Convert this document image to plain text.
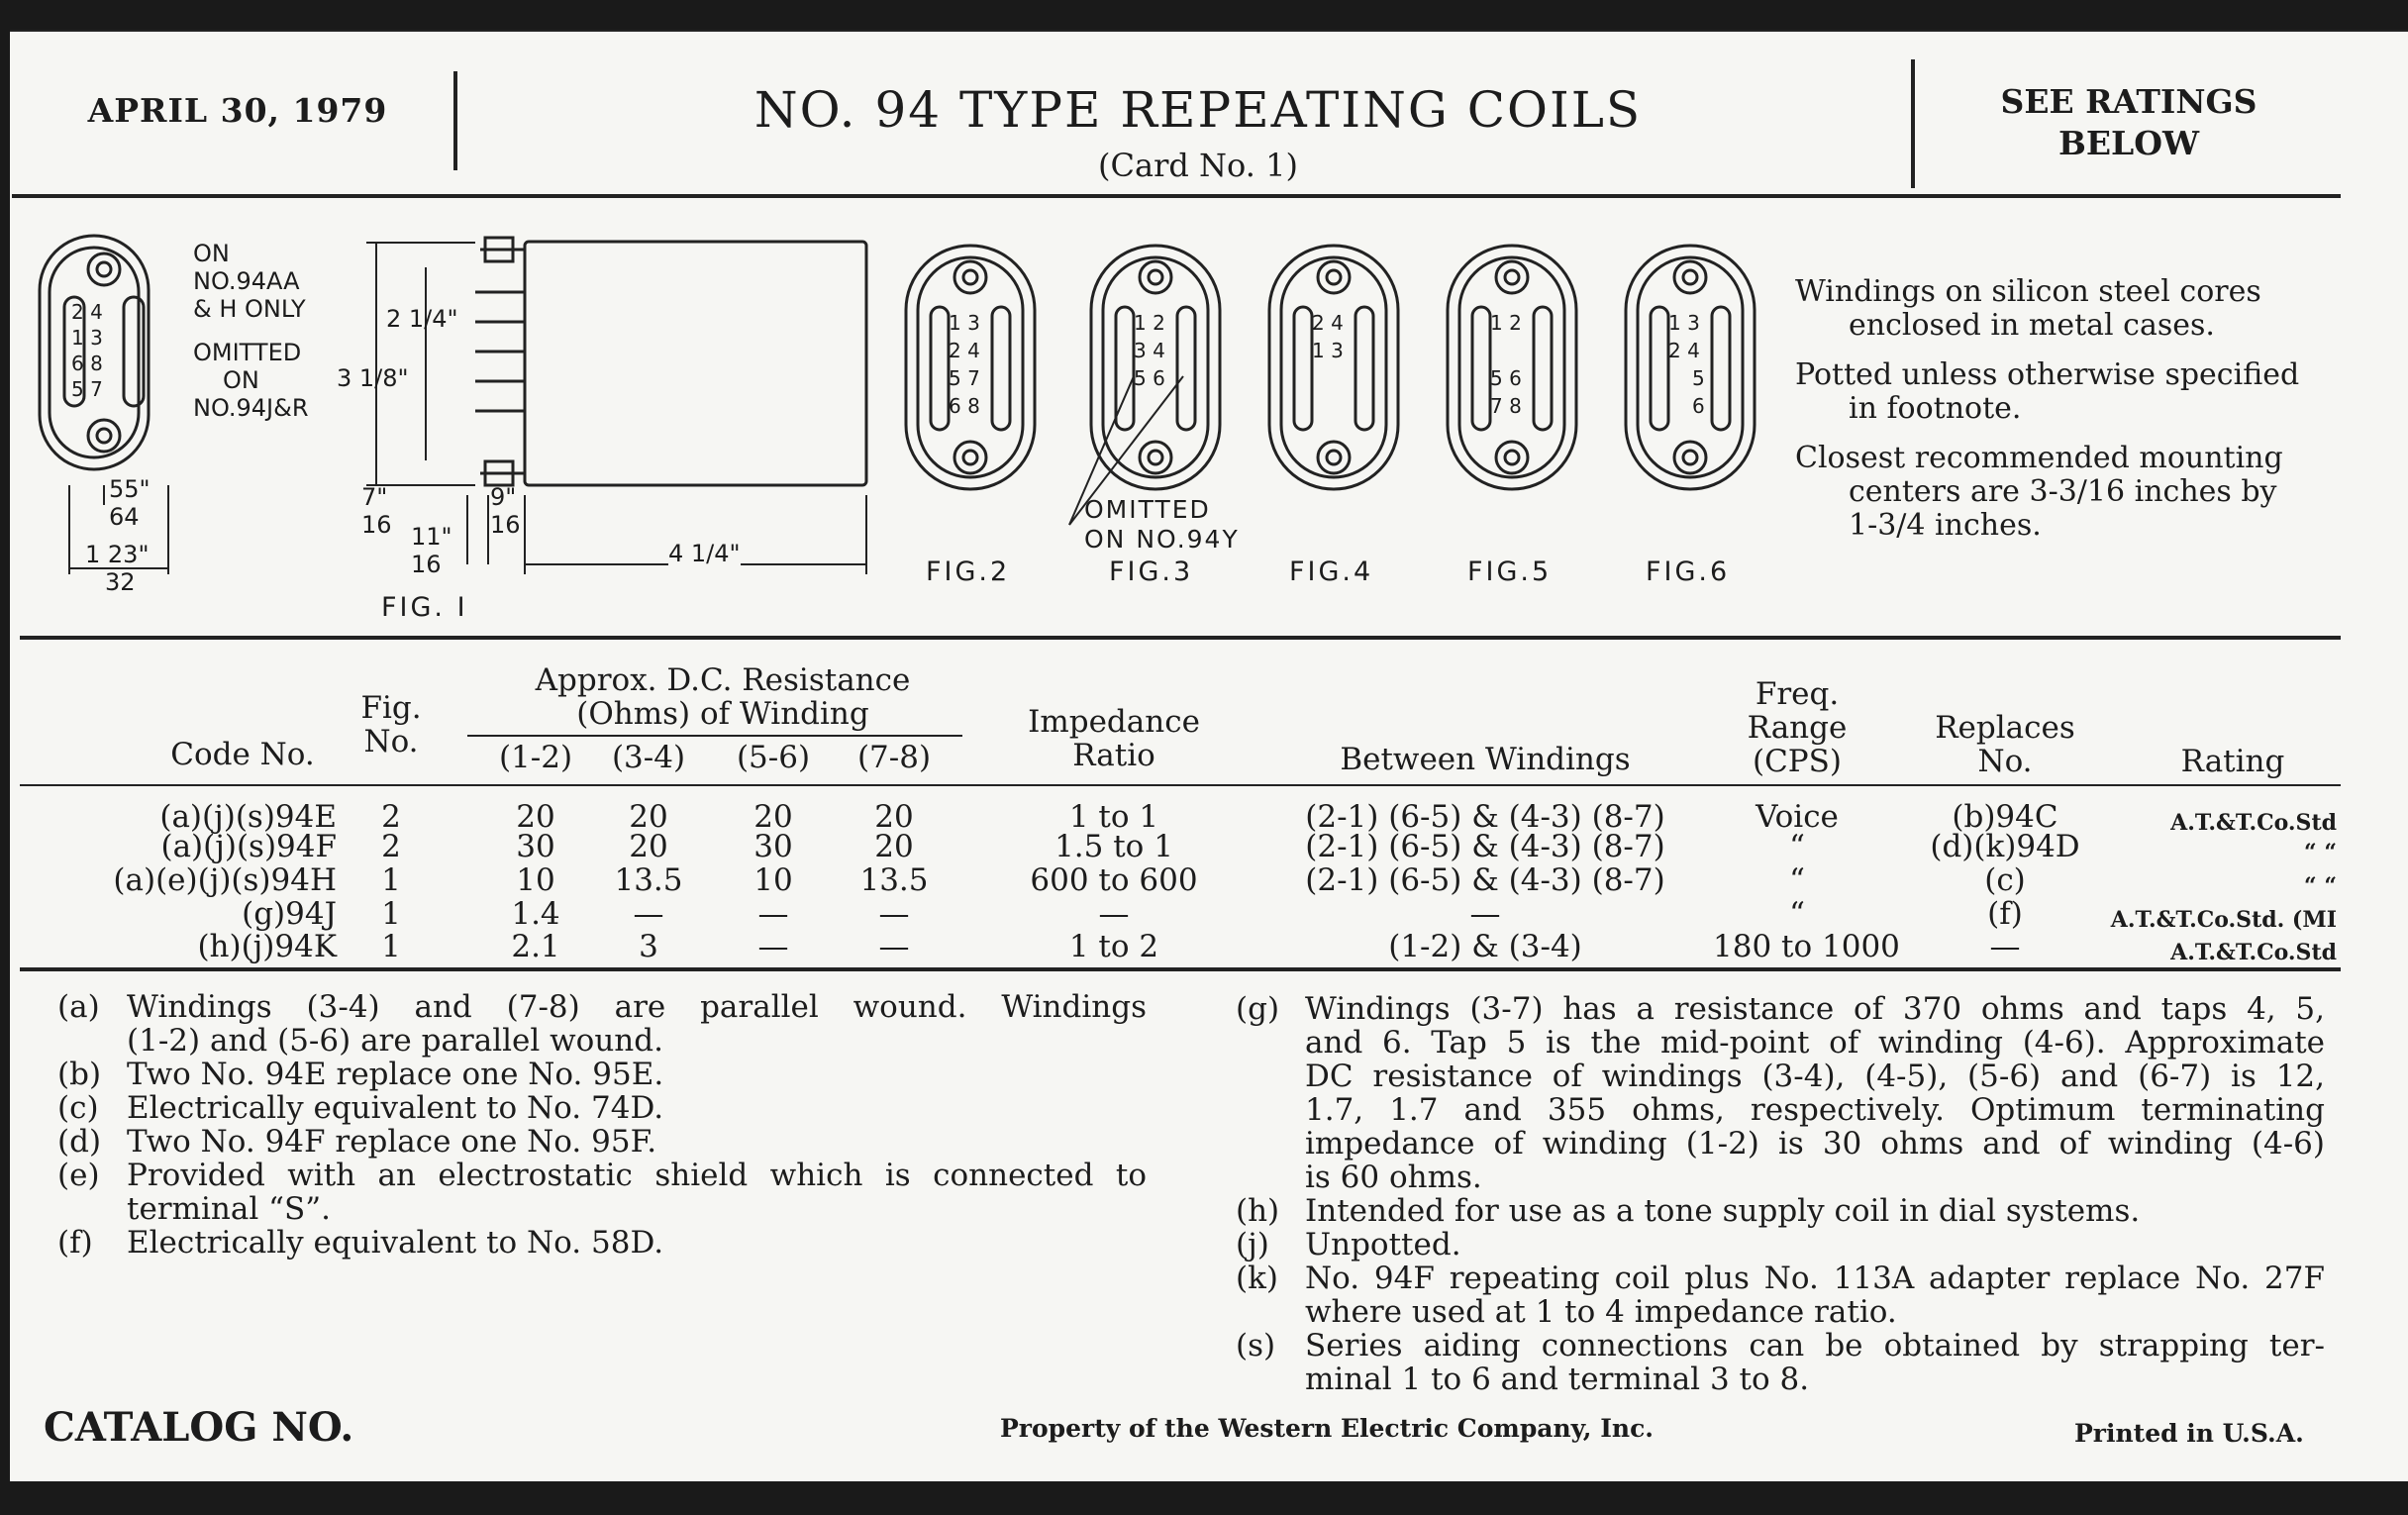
APRIL 30, 1979	NO. 94 TYPE REPEATING COILS
(Card No. 1)
SEE RATINGS
BELOW
ON
NO.94AA
& H ONLY
OMITTED
ON
NO.94J&R
2 1/4"
3 1/8"
55"
64
1 23"
32
7"
16 11"
16
9"
16
4 1/4"
FIG. I
2 4
1 3
6 8
5 7
1 3
2 4
5 7
6 8
1 2
3 4
5 6
2 4
1 3
1 2
5 6
7 8
1 3
2 4
5
6
OMITTED
ON NO.94Y
FIG.2	FIG.3	FIG.4	FIG.5	FIG.6
Windings on silicon steel cores
enclosed in metal cases.
Potted unless otherwise specified
in footnote.
Closest recommended mounting
centers are 3-3/16 inches by
1-3/4 inches.
Code No.
Fig.
No.
Approx. D.C. Resistance
(Ohms) of Winding
(1-2)	(3-4)	(5-6)	(7-8)
Impedance
Ratio	Between Windings
Freq.
Range
(CPS)
Replaces
No.	Rating
(a)(j)(s)94E	2	20	20	20	20	1 to 1	(2-1) (6-5) & (4-3) (8-7)	Voice	(b)94C	A.T.&T.Co.Std
(a)(j)(s)94F	2	30	20	30	20	1.5 to 1	(2-1) (6-5) & (4-3) (8-7)	“	(d)(k)94D	“ “
(a)(e)(j)(s)94H	1	10	13.5	10	13.5	600 to 600	(2-1) (6-5) & (4-3) (8-7)	“	(c)	“ “
(g)94J	1	1.4	—	—	—	—	—	“	(f)	A.T.&T.Co.Std. (MI
(h)(j)94K	1	2.1	3	—	—	1 to 2	(1-2) & (3-4)	180 to 1000	—	A.T.&T.Co.Std
(a) Windings (3-4) and (7-8) are parallel wound. Windings
(1-2) and (5-6) are parallel wound.
(b) Two No. 94E replace one No. 95E.
(c) Electrically equivalent to No. 74D.
(d) Two No. 94F replace one No. 95F.
(e) Provided with an electrostatic shield which is connected to
terminal “S”.
(f) Electrically equivalent to No. 58D.
(g) Windings (3-7) has a resistance of 370 ohms and taps 4, 5,
and 6. Tap 5 is the mid-point of winding (4-6). Approximate
DC resistance of windings (3-4), (4-5), (5-6) and (6-7) is 12,
1.7, 1.7 and 355 ohms, respectively. Optimum terminating
impedance of winding (1-2) is 30 ohms and of winding (4-6)
is 60 ohms.
(h) Intended for use as a tone supply coil in dial systems.
(j) Unpotted.
(k) No. 94F repeating coil plus No. 113A adapter replace No. 27F
where used at 1 to 4 impedance ratio.
(s) Series aiding connections can be obtained by strapping ter-
minal 1 to 6 and terminal 3 to 8.
CATALOG NO.	Property of the Western Electric Company, Inc.	Printed in U.S.A.
